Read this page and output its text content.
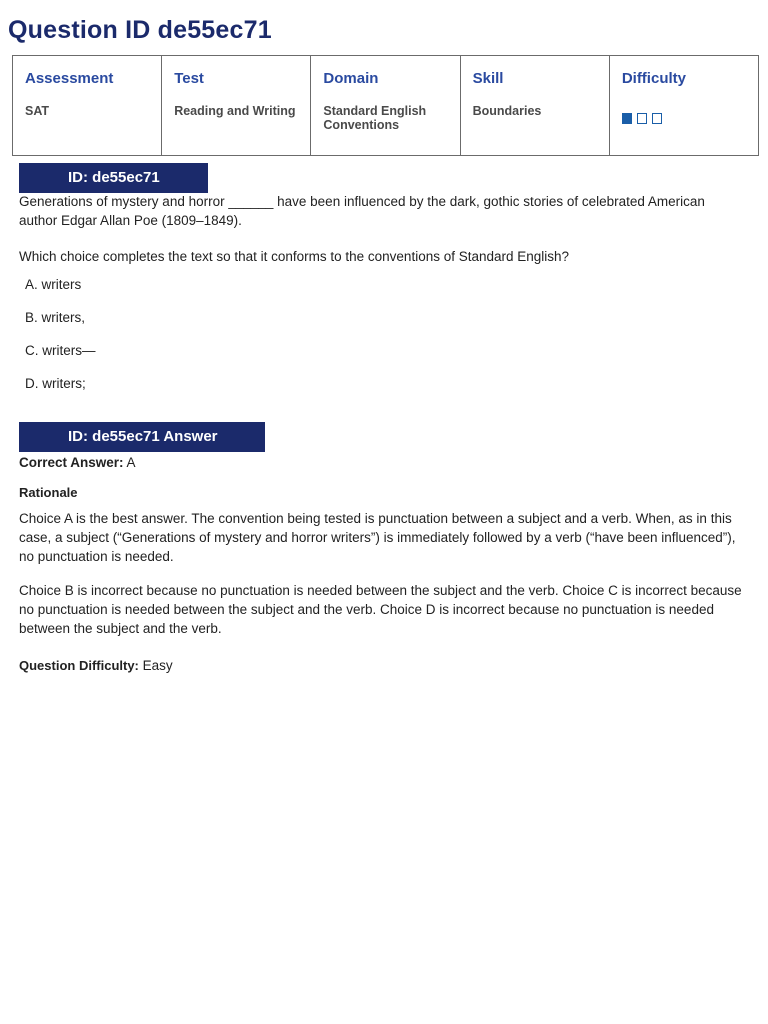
Question ID de55ec71
Assessment
SAT
Test
Reading and Writing
Domain
Standard English Conventions
Skill
Boundaries
Difficulty
ID: de55ec71

Generations of mystery and horror ______ have been influenced by the dark, gothic stories of celebrated American author Edgar Allan Poe (1809–1849).

Which choice completes the text so that it conforms to the conventions of Standard English?

A. writers
B. writers,
C. writers—
D. writers;
ID: de55ec71 Answer
Correct Answer: A
Rationale

Choice A is the best answer. The convention being tested is punctuation between a subject and a verb. When, as in this case, a subject (“Generations of mystery and horror writers”) is immediately followed by a verb (“have been influenced”), no punctuation is needed.

Choice B is incorrect because no punctuation is needed between the subject and the verb. Choice C is incorrect because no punctuation is needed between the subject and the verb. Choice D is incorrect because no punctuation is needed between the subject and the verb.

Question Difficulty: Easy
